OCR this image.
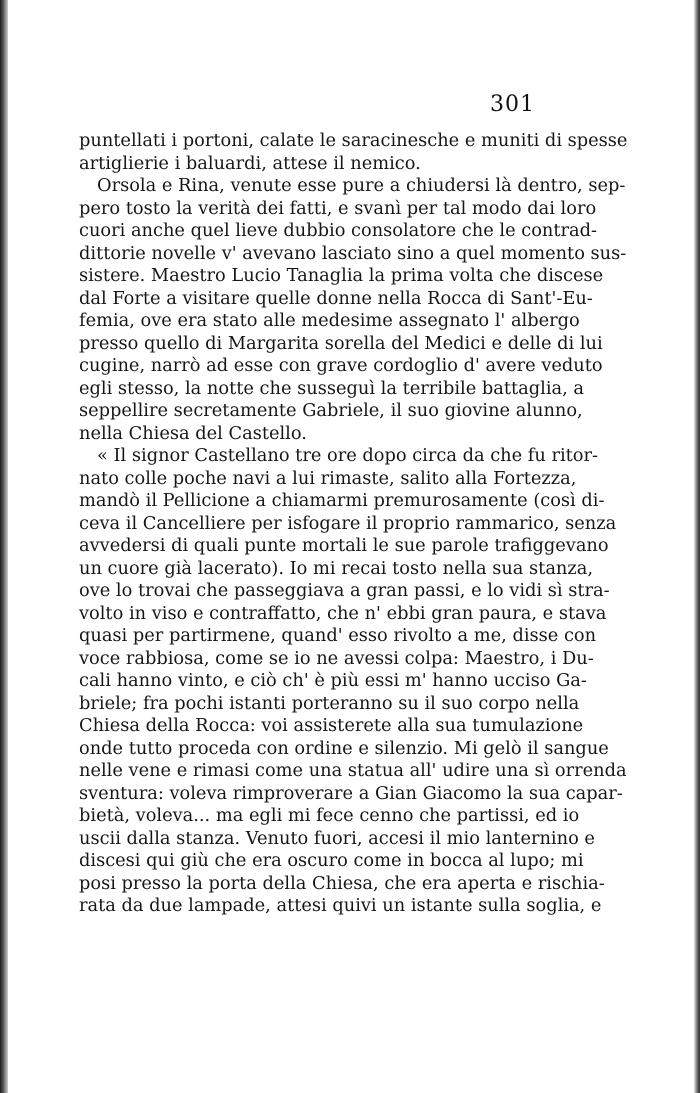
301
puntellati i portoni, calate le saracinesche e muniti di spesse
artiglierie i baluardi, attese il nemico.
Orsola e Rina, venute esse pure a chiudersi là dentro, sep-
pero tosto la verità dei fatti, e svanì per tal modo dai loro
cuori anche quel lieve dubbio consolatore che le contrad-
dittorie novelle v' avevano lasciato sino a quel momento sus-
sistere. Maestro Lucio Tanaglia la prima volta che discese
dal Forte a visitare quelle donne nella Rocca di Sant'-Eu-
femia, ove era stato alle medesime assegnato l' albergo
presso quello di Margarita sorella del Medici e delle di lui
cugine, narrò ad esse con grave cordoglio d' avere veduto
egli stesso, la notte che susseguì la terribile battaglia, a
seppellire secretamente Gabriele, il suo giovine alunno,
nella Chiesa del Castello.
« Il signor Castellano tre ore dopo circa da che fu ritor-
nato colle poche navi a lui rimaste, salito alla Fortezza,
mandò il Pellicione a chiamarmi premurosamente (così di-
ceva il Cancelliere per isfogare il proprio rammarico, senza
avvedersi di quali punte mortali le sue parole trafiggevano
un cuore già lacerato). Io mi recai tosto nella sua stanza,
ove lo trovai che passeggiava a gran passi, e lo vidi sì stra-
volto in viso e contraffatto, che n' ebbi gran paura, e stava
quasi per partirmene, quand' esso rivolto a me, disse con
voce rabbiosa, come se io ne avessi colpa: Maestro, i Du-
cali hanno vinto, e ciò ch' è più essi m' hanno ucciso Ga-
briele; fra pochi istanti porteranno su il suo corpo nella
Chiesa della Rocca: voi assisterete alla sua tumulazione
onde tutto proceda con ordine e silenzio. Mi gelò il sangue
nelle vene e rimasi come una statua all' udire una sì orrenda
sventura: voleva rimproverare a Gian Giacomo la sua capar-
bietà, voleva... ma egli mi fece cenno che partissi, ed io
uscii dalla stanza. Venuto fuori, accesi il mio lanternino e
discesi qui giù che era oscuro come in bocca al lupo; mi
posi presso la porta della Chiesa, che era aperta e rischia-
rata da due lampade, attesi quivi un istante sulla soglia, e
